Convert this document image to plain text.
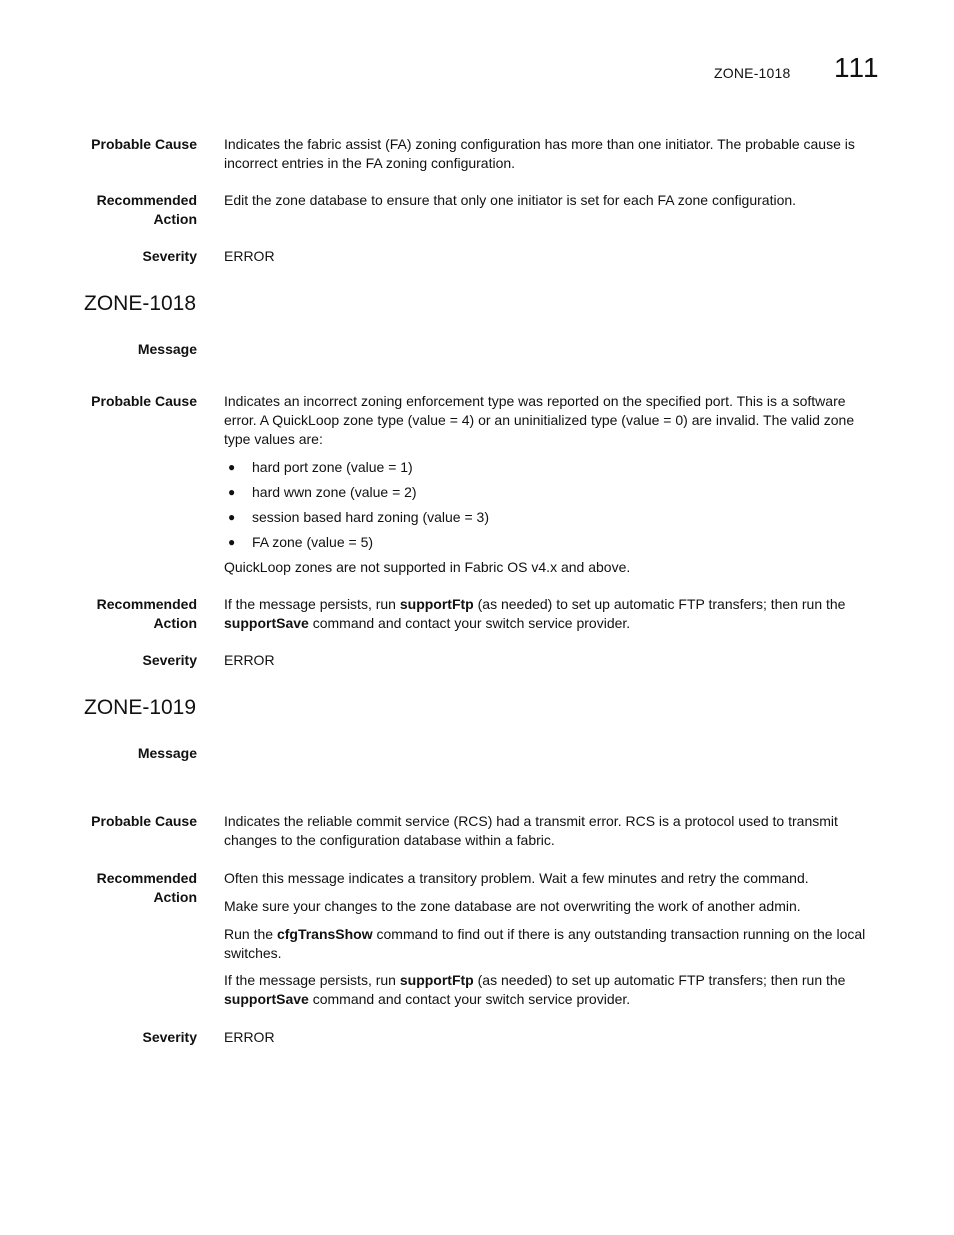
ZONE-1018 111
Probable Cause Indicates the fabric assist (FA) zoning configuration has more than one initiator. The probable cause is incorrect entries in the FA zoning configuration.
Recommended
Action
Edit the zone database to ensure that only one initiator is set for each FA zone configuration.
Severity ERROR
ZONE-1018
Message
Probable Cause Indicates an incorrect zoning enforcement type was reported on the specified port. This is a software error. A QuickLoop zone type (value = 4) or an uninitialized type (value = 0) are invalid. The valid zone type values are:
● hard port zone (value = 1)
● hard wwn zone (value = 2)
● session based hard zoning (value = 3)
● FA zone (value = 5)
QuickLoop zones are not supported in Fabric OS v4.x and above.
Recommended
Action
If the message persists, run supportFtp (as needed) to set up automatic FTP transfers; then run the supportSave command and contact your switch service provider.
Severity ERROR
ZONE-1019
Message
Probable Cause Indicates the reliable commit service (RCS) had a transmit error. RCS is a protocol used to transmit changes to the configuration database within a fabric.
Recommended
Action
Often this message indicates a transitory problem. Wait a few minutes and retry the command.
Make sure your changes to the zone database are not overwriting the work of another admin.
Run the cfgTransShow command to find out if there is any outstanding transaction running on the local switches.
If the message persists, run supportFtp (as needed) to set up automatic FTP transfers; then run the supportSave command and contact your switch service provider.
Severity ERROR
